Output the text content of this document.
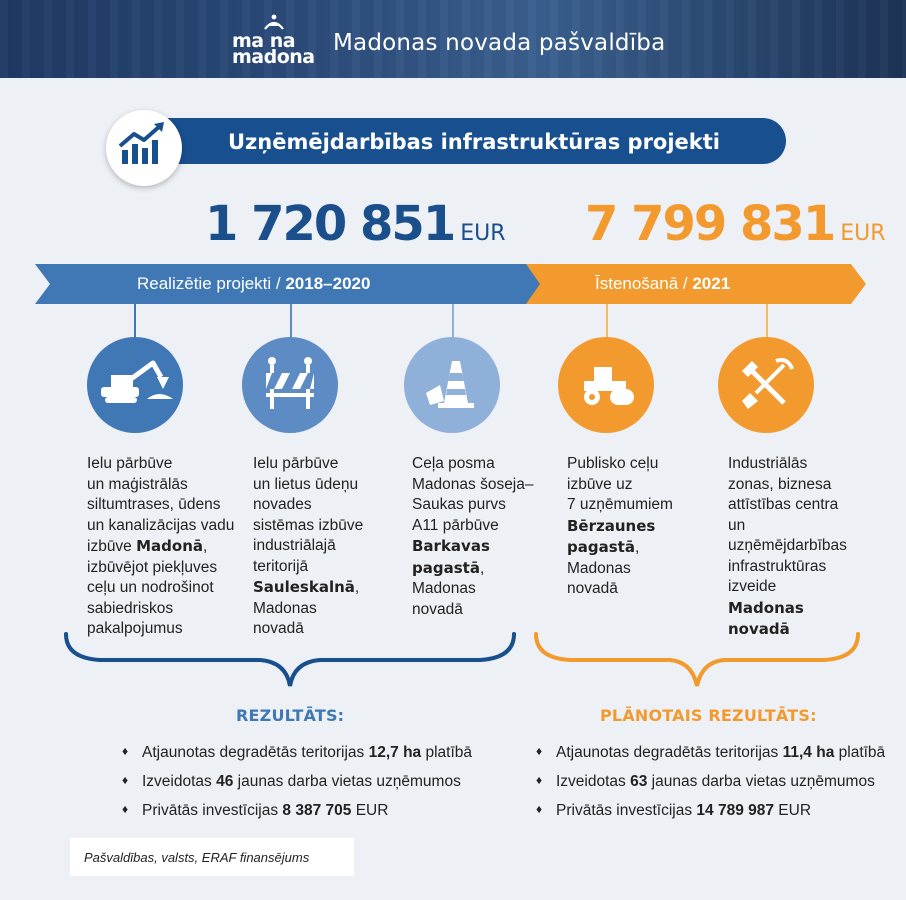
ma na
madona
Madonas novada pašvaldība
Uzņēmējdarbības infrastruktūras projekti
1 720 851 EUR 7 799 831 EUR
Realizētie projekti / 2018–2020	Īstenošanā / 2021
Ielu pārbūve
un maģistrālās
siltumtrases, ūdens
un kanalizācijas vadu
izbūve Madonā,
izbūvējot piekļuves
ceļu un nodrošinot
sabiedriskos
pakalpojumus
Ielu pārbūve
un lietus ūdeņu
novades
sistēmas izbūve
industriālajā
teritorijā
Sauleskalnā,
Madonas
novadā
Ceļa posma
Madonas šoseja–
Saukas purvs
A11 pārbūve
Barkavas pagastā,
Madonas
novadā
Publisko ceļu
izbūve uz
7 uzņēmumiem
Bērzaunes pagastā,
Madonas
novadā
Industriālās
zonas, biznesa
attīstības centra un
uzņēmējdarbības
infrastruktūras
izveide
Madonas novadā
REZULTĀTS:
♦ Atjaunotas degradētās teritorijas 12,7 ha platībā
♦ Izveidotas 46 jaunas darba vietas uzņēmumos
♦ Privātās investīcijas 8 387 705 EUR
PLĀNOTAIS REZULTĀTS:
♦ Atjaunotas degradētās teritorijas 11,4 ha platībā
♦ Izveidotas 63 jaunas darba vietas uzņēmumos
♦ Privātās investīcijas 14 789 987 EUR
Pašvaldības, valsts, ERAF finansējums
